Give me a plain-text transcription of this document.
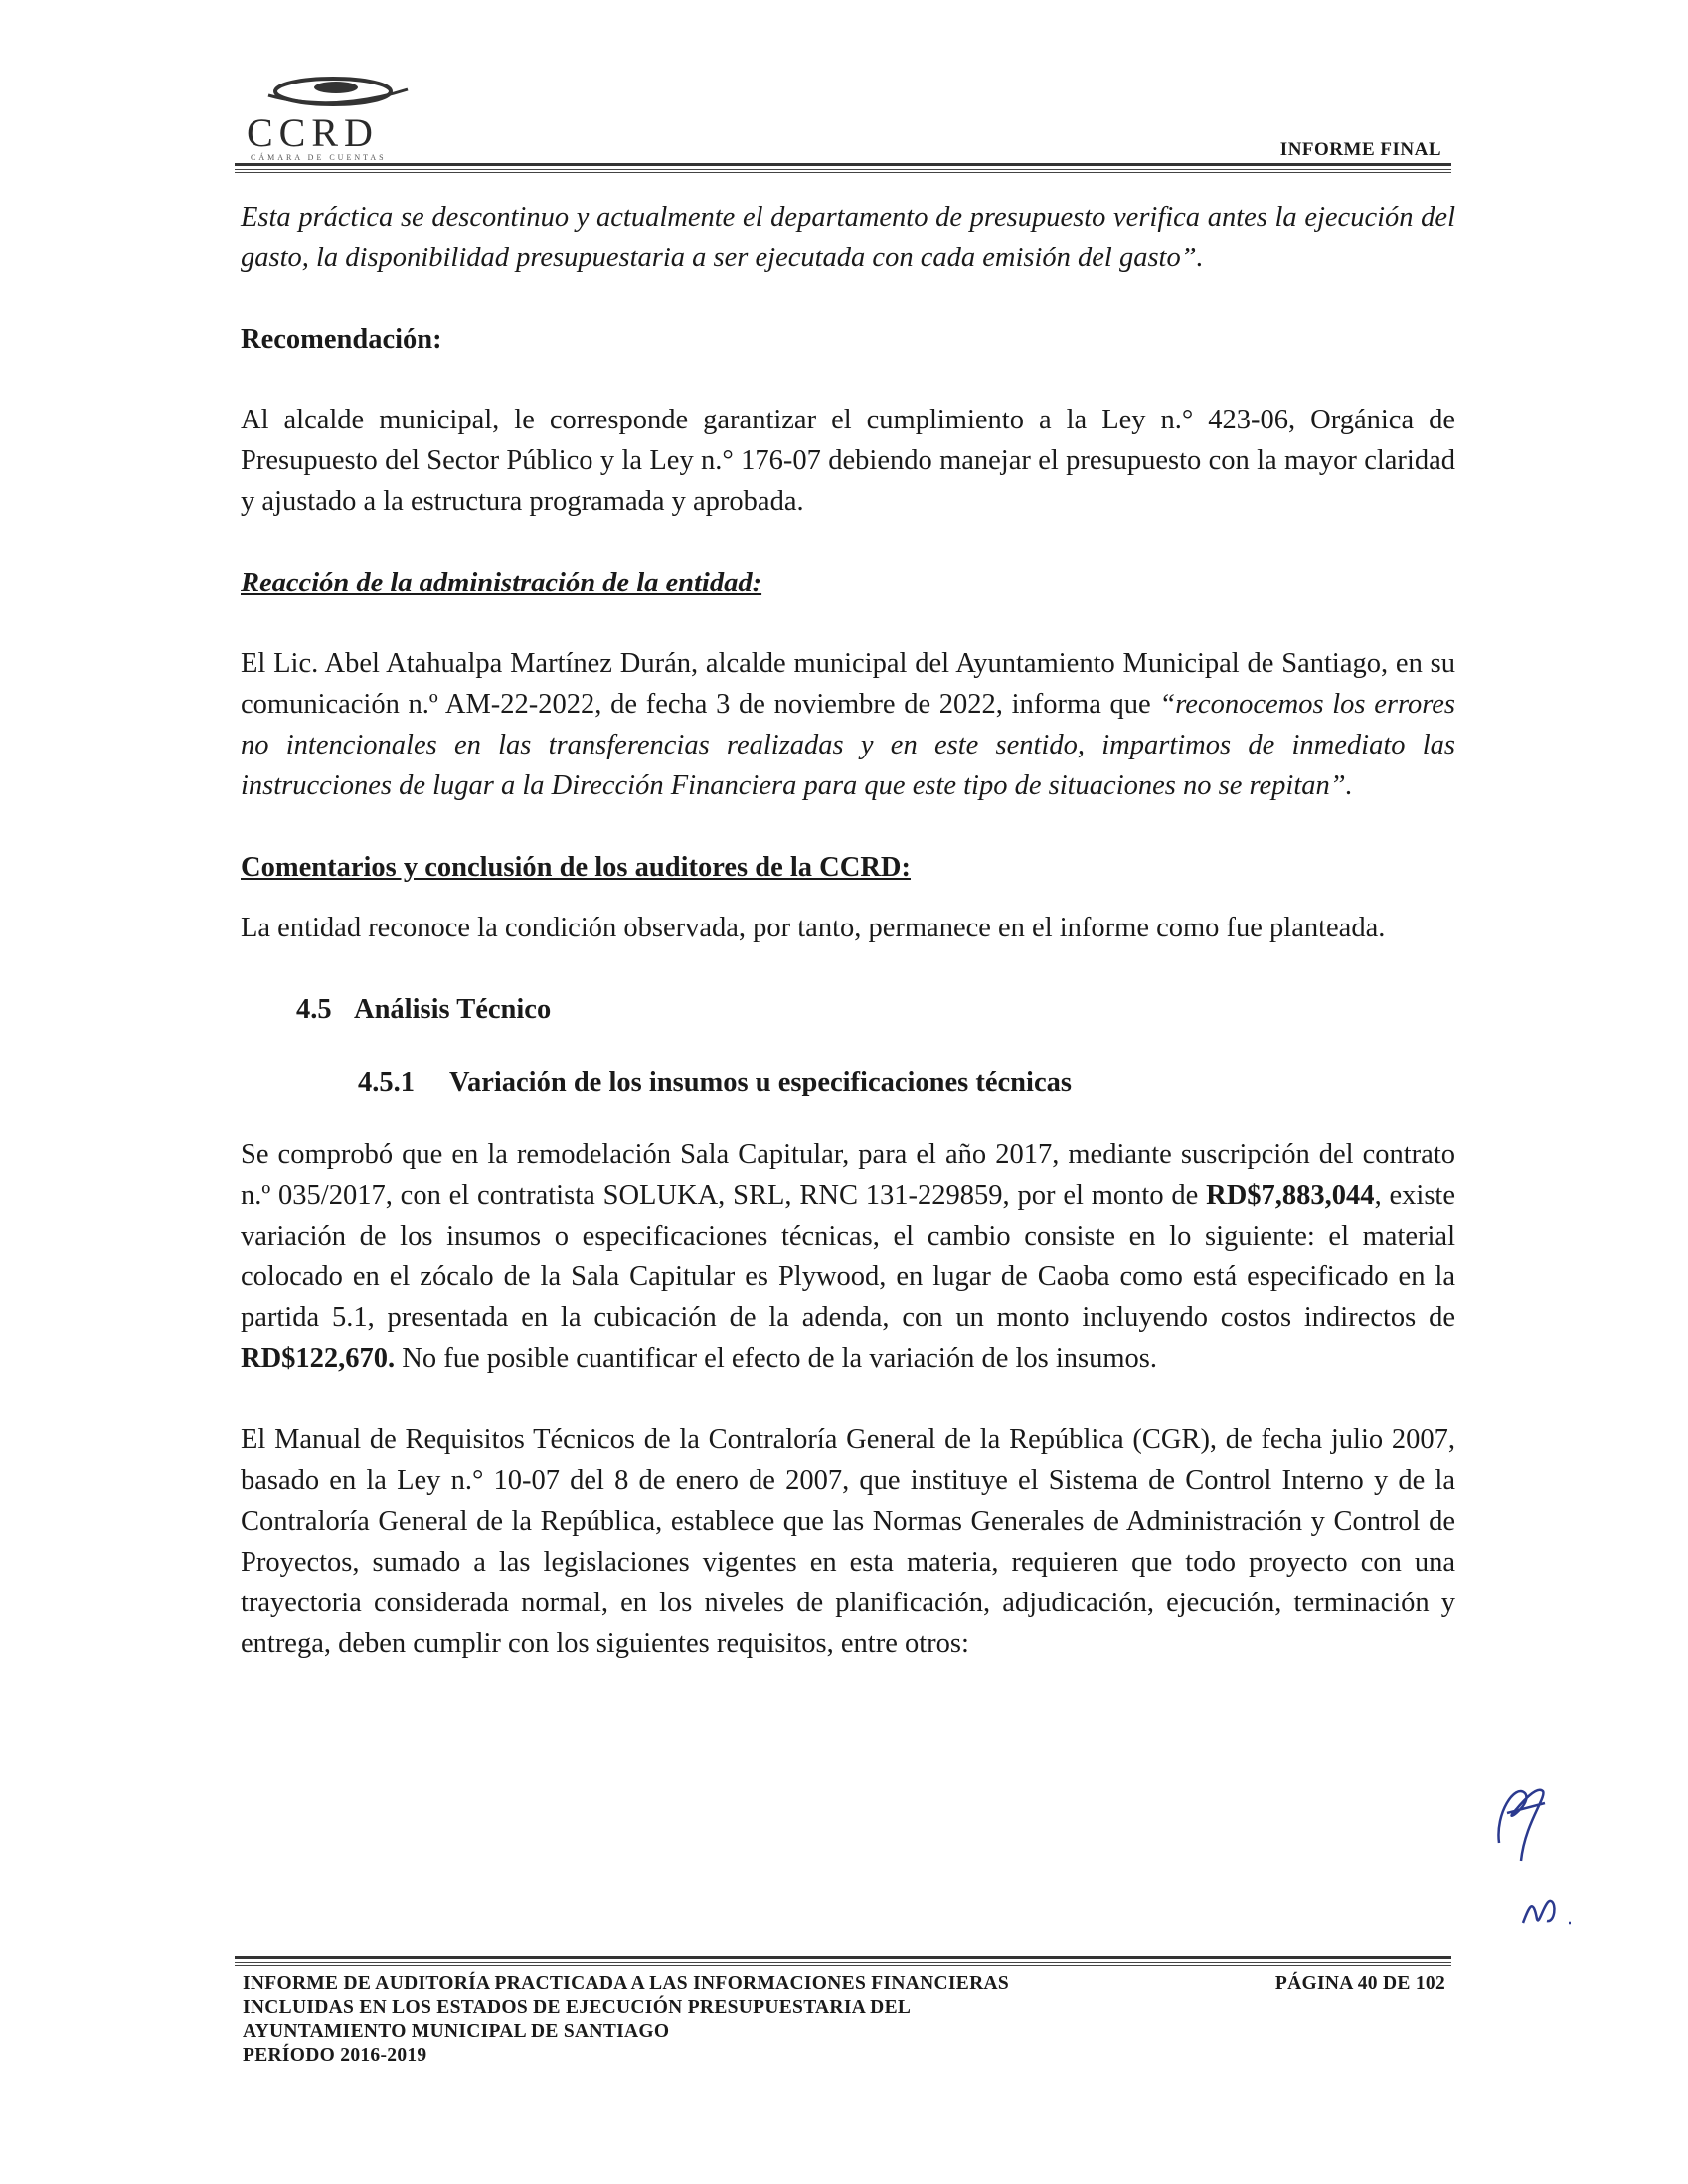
CCRD
CÁMARA DE CUENTAS	INFORME FINAL

Esta práctica se descontinuo y actualmente el departamento de presupuesto verifica antes la ejecución del gasto, la disponibilidad presupuestaria a ser ejecutada con cada emisión del gasto”.

Recomendación:

Al alcalde municipal, le corresponde garantizar el cumplimiento a la Ley n.° 423-06, Orgánica de Presupuesto del Sector Público y la Ley n.° 176-07 debiendo manejar el presupuesto con la mayor claridad y ajustado a la estructura programada y aprobada.

Reacción de la administración de la entidad:

El Lic. Abel Atahualpa Martínez Durán, alcalde municipal del Ayuntamiento Municipal de Santiago, en su comunicación n.º AM-22-2022, de fecha 3 de noviembre de 2022, informa que “reconocemos los errores no intencionales en las transferencias realizadas y en este sentido, impartimos de inmediato las instrucciones de lugar a la Dirección Financiera para que este tipo de situaciones no se repitan”.

Comentarios y conclusión de los auditores de la CCRD:

La entidad reconoce la condición observada, por tanto, permanece en el informe como fue planteada.

4.5 Análisis Técnico
4.5.1 Variación de los insumos u especificaciones técnicas

Se comprobó que en la remodelación Sala Capitular, para el año 2017, mediante suscripción del contrato n.º 035/2017, con el contratista SOLUKA, SRL, RNC 131-229859, por el monto de RD$7,883,044, existe variación de los insumos o especificaciones técnicas, el cambio consiste en lo siguiente: el material colocado en el zócalo de la Sala Capitular es Plywood, en lugar de Caoba como está especificado en la partida 5.1, presentada en la cubicación de la adenda, con un monto incluyendo costos indirectos de RD$122,670. No fue posible cuantificar el efecto de la variación de los insumos.

El Manual de Requisitos Técnicos de la Contraloría General de la República (CGR), de fecha julio 2007, basado en la Ley n.° 10-07 del 8 de enero de 2007, que instituye el Sistema de Control Interno y de la Contraloría General de la República, establece que las Normas Generales de Administración y Control de Proyectos, sumado a las legislaciones vigentes en esta materia, requieren que todo proyecto con una trayectoria considerada normal, en los niveles de planificación, adjudicación, ejecución, terminación y entrega, deben cumplir con los siguientes requisitos, entre otros:

INFORME DE AUDITORÍA PRACTICADA A LAS INFORMACIONES FINANCIERAS
INCLUIDAS EN LOS ESTADOS DE EJECUCIÓN PRESUPUESTARIA DEL
AYUNTAMIENTO MUNICIPAL DE SANTIAGO
PERÍODO 2016-2019
PÁGINA 40 DE 102
